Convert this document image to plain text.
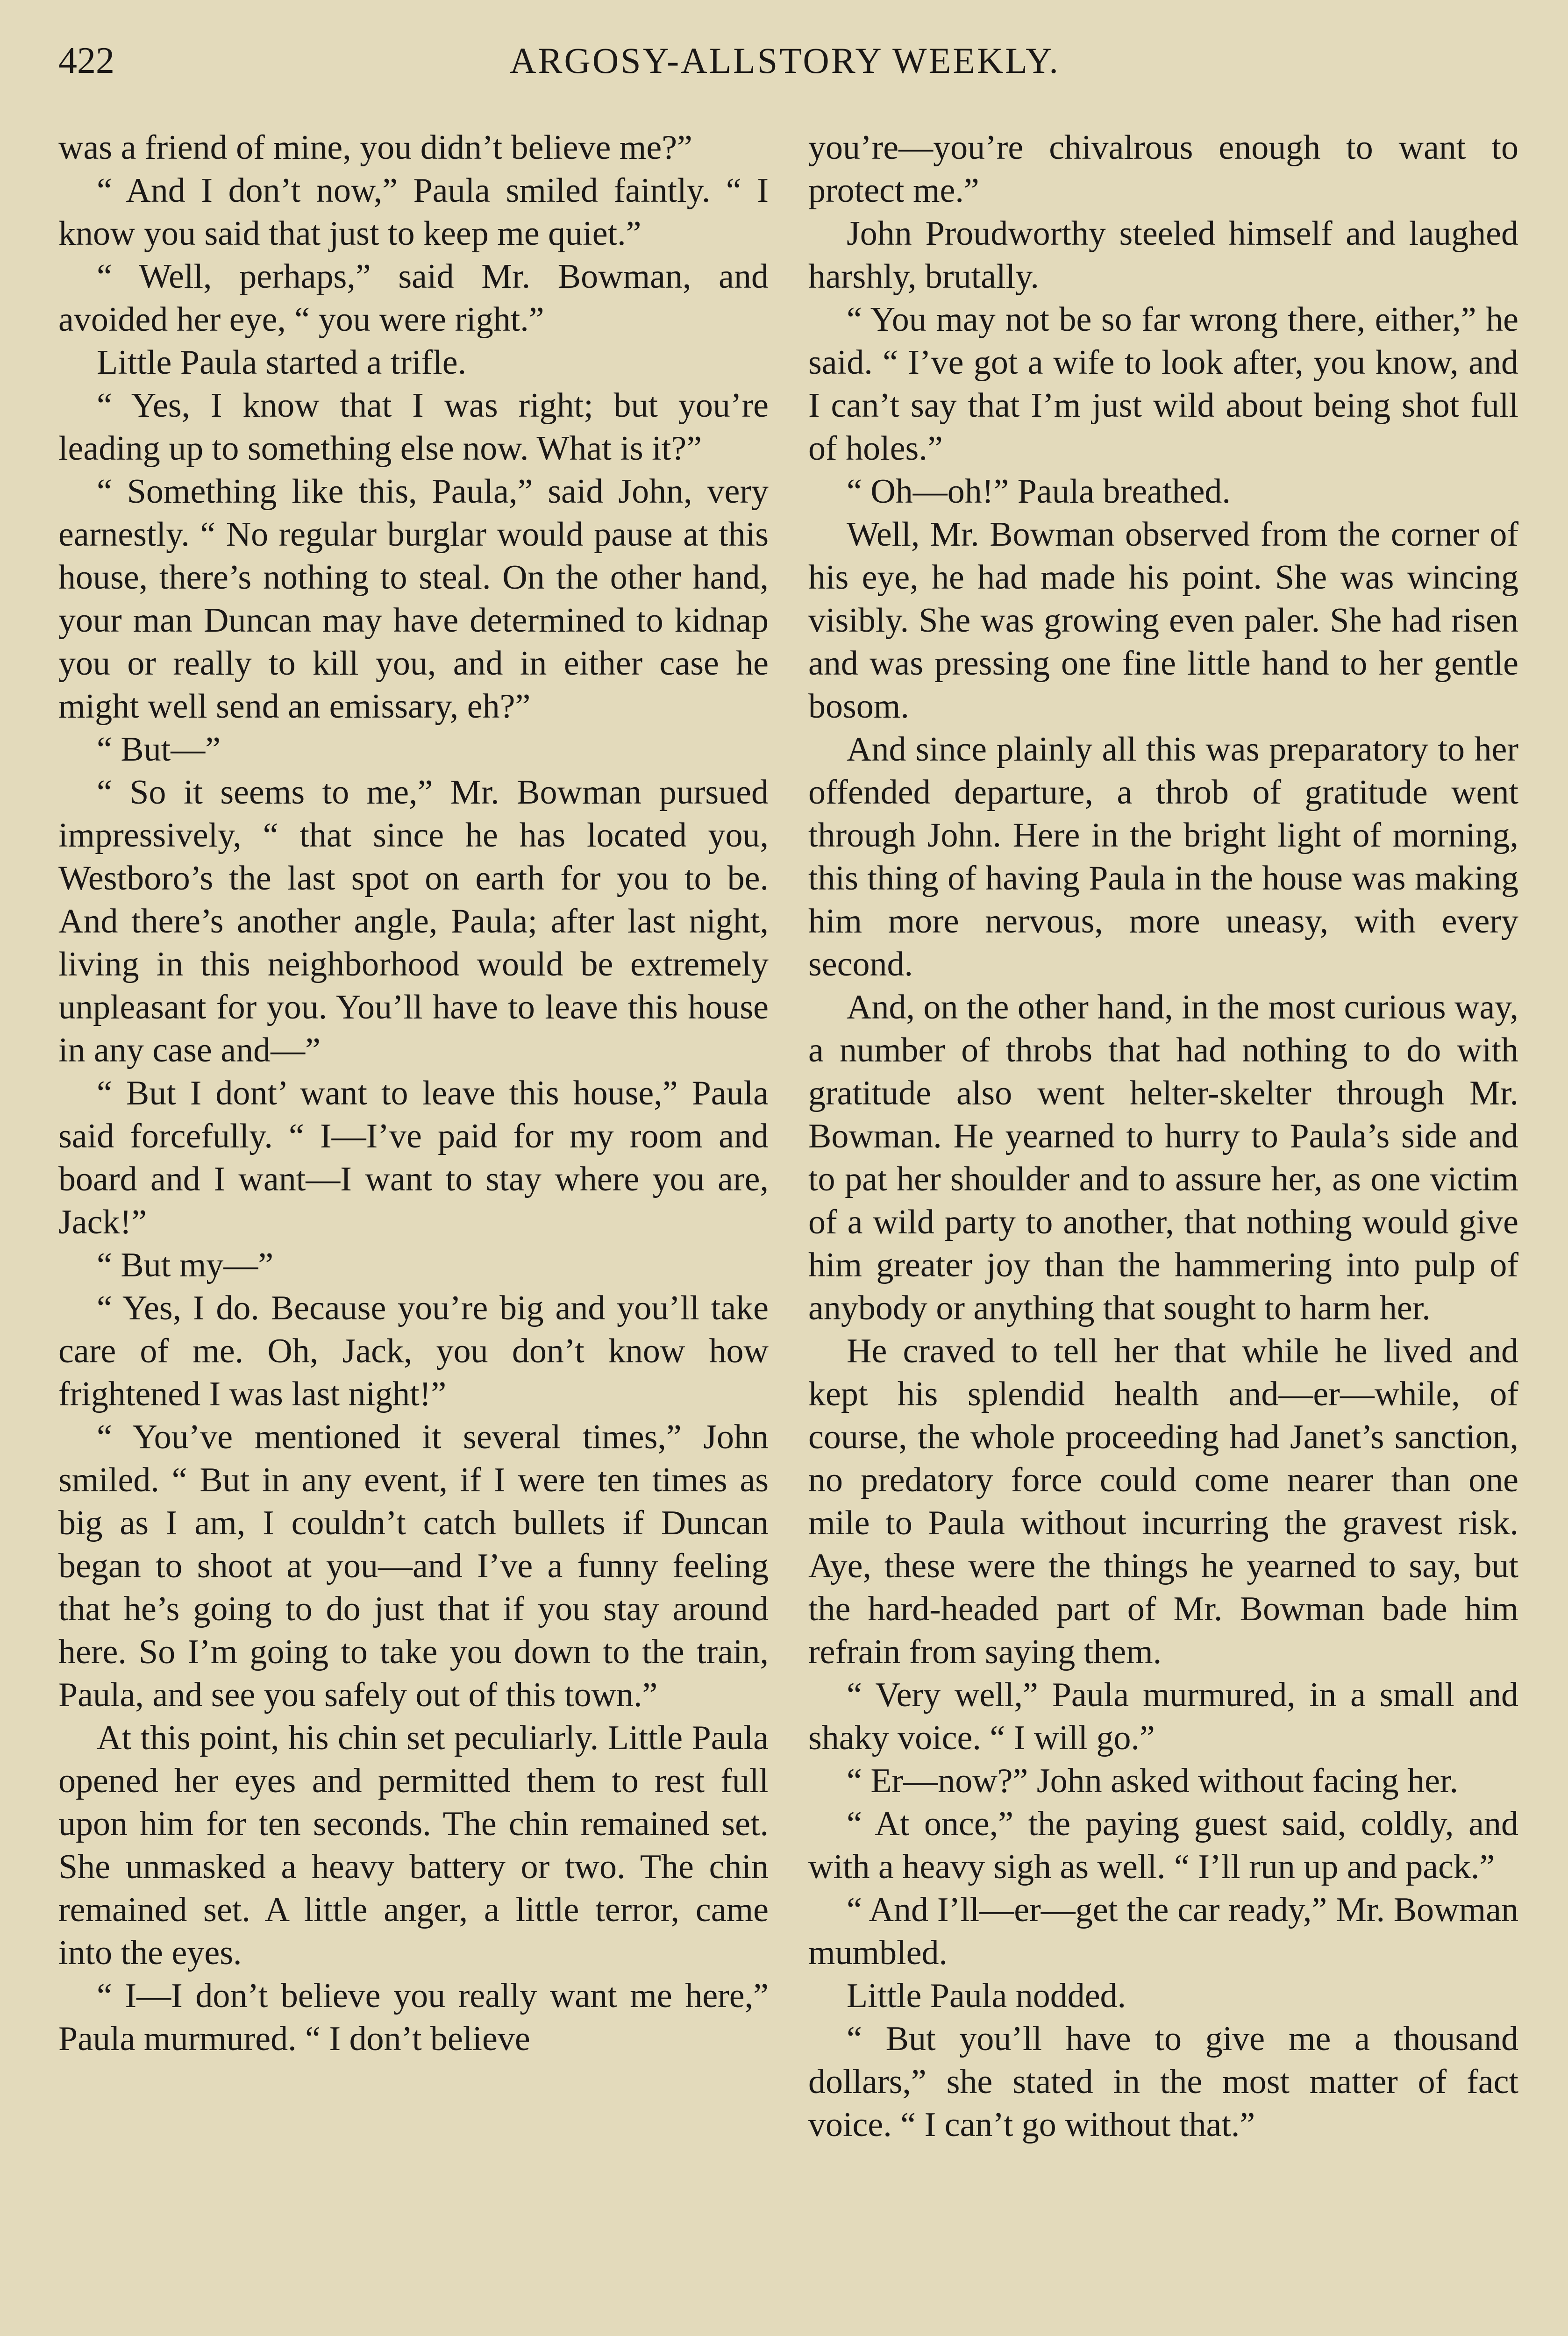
422	ARGOSY-ALLSTORY WEEKLY.

was a friend of mine, you didn’t believe me?”

“ And I don’t now,” Paula smiled faintly. “ I know you said that just to keep me quiet.”

“ Well, perhaps,” said Mr. Bowman, and avoided her eye, “ you were right.”

Little Paula started a trifle.

“ Yes, I know that I was right; but you’re leading up to something else now. What is it?”

“ Something like this, Paula,” said John, very earnestly. “ No regular burglar would pause at this house, there’s nothing to steal. On the other hand, your man Duncan may have determined to kidnap you or really to kill you, and in either case he might well send an emissary, eh?”

“ But—”

“ So it seems to me,” Mr. Bowman pursued impressively, “ that since he has located you, Westboro’s the last spot on earth for you to be. And there’s another angle, Paula; after last night, living in this neighborhood would be extremely unpleasant for you. You’ll have to leave this house in any case and—”

“ But I dont’ want to leave this house,” Paula said forcefully. “ I—I’ve paid for my room and board and I want—I want to stay where you are, Jack!”

“ But my—”

“ Yes, I do. Because you’re big and you’ll take care of me. Oh, Jack, you don’t know how frightened I was last night!”

“ You’ve mentioned it several times,” John smiled. “ But in any event, if I were ten times as big as I am, I couldn’t catch bullets if Duncan began to shoot at you—and I’ve a funny feeling that he’s going to do just that if you stay around here. So I’m going to take you down to the train, Paula, and see you safely out of this town.”

At this point, his chin set peculiarly. Little Paula opened her eyes and permitted them to rest full upon him for ten seconds. The chin remained set. She unmasked a heavy battery or two. The chin remained set. A little anger, a little terror, came into the eyes.

“ I—I don’t believe you really want me here,” Paula murmured. “ I don’t believe

you’re—you’re chivalrous enough to want to protect me.”

John Proudworthy steeled himself and laughed harshly, brutally.

“ You may not be so far wrong there, either,” he said. “ I’ve got a wife to look after, you know, and I can’t say that I’m just wild about being shot full of holes.”

“ Oh—oh!” Paula breathed.

Well, Mr. Bowman observed from the corner of his eye, he had made his point. She was wincing visibly. She was growing even paler. She had risen and was pressing one fine little hand to her gentle bosom.

And since plainly all this was preparatory to her offended departure, a throb of gratitude went through John. Here in the bright light of morning, this thing of having Paula in the house was making him more nervous, more uneasy, with every second.

And, on the other hand, in the most curious way, a number of throbs that had nothing to do with gratitude also went helter-skelter through Mr. Bowman. He yearned to hurry to Paula’s side and to pat her shoulder and to assure her, as one victim of a wild party to another, that nothing would give him greater joy than the hammering into pulp of anybody or anything that sought to harm her.

He craved to tell her that while he lived and kept his splendid health and—er—while, of course, the whole proceeding had Janet’s sanction, no predatory force could come nearer than one mile to Paula without incurring the gravest risk. Aye, these were the things he yearned to say, but the hard-headed part of Mr. Bowman bade him refrain from saying them.

“ Very well,” Paula murmured, in a small and shaky voice. “ I will go.”

“ Er—now?” John asked without facing her.

“ At once,” the paying guest said, coldly, and with a heavy sigh as well. “ I’ll run up and pack.”

“ And I’ll—er—get the car ready,” Mr. Bowman mumbled.

Little Paula nodded.

“ But you’ll have to give me a thousand dollars,” she stated in the most matter of fact voice. “ I can’t go without that.”
